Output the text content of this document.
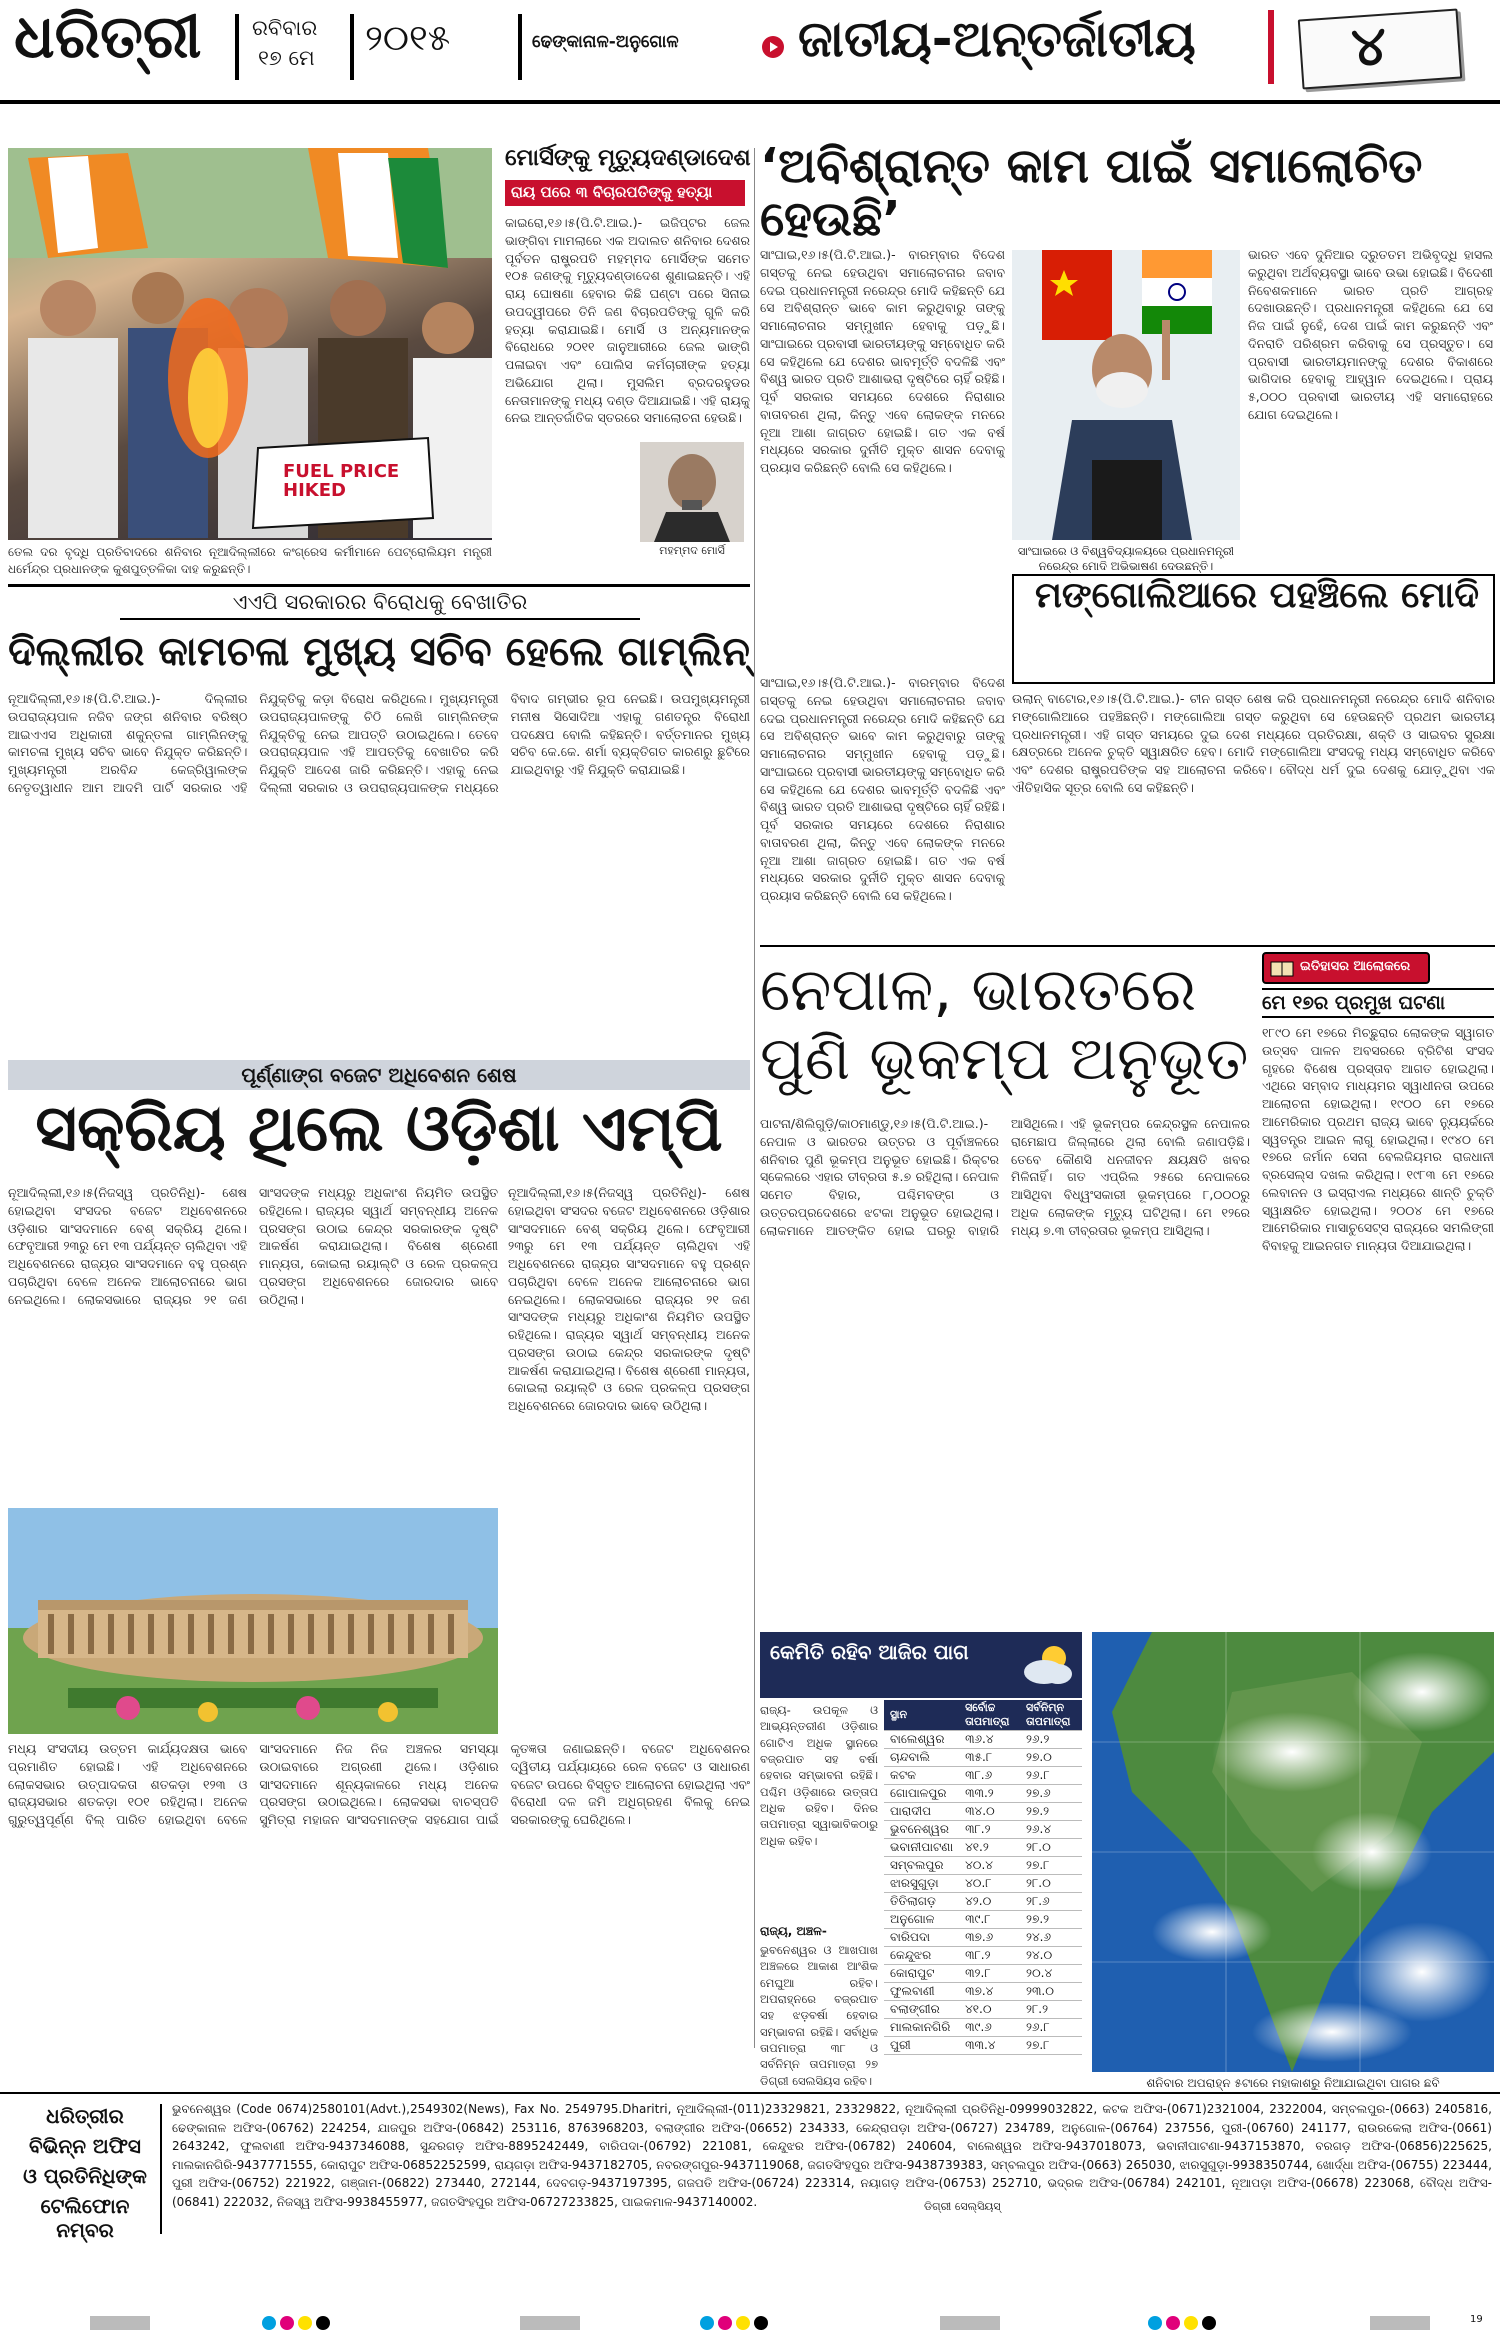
ଧରିତ୍ରୀ ରବିବାର
୧୭ ମେ ୨୦୧୫	ଢେଙ୍କାନାଳ-ଅନୁଗୋଳ ଜାତୀୟ-ଅନ୍ତର୍ଜାତୀୟ	୪
FUEL PRICE HIKED
ତେଲ ଦର ବୃଦ୍ଧି ପ୍ରତିବାଦରେ ଶନିବାର ନୂଆଦିଲ୍ଲୀରେ କଂଗ୍ରେସ କର୍ମୀମାନେ ପେଟ୍ରୋଲିୟମ ମନ୍ତ୍ରୀ ଧର୍ମେନ୍ଦ୍ର ପ୍ରଧାନଙ୍କ କୁଶପୁତ୍ତଳିକା ଦାହ କରୁଛନ୍ତି।
ମୋର୍ସିଙ୍କୁ ମୃତ୍ୟୁଦଣ୍ଡାଦେଶ
ରାୟ ପରେ ୩ ବିଚାରପତିଙ୍କୁ ହତ୍ୟା
କାଇରୋ,୧୬।୫(ପି.ଟି.ଆଇ.)- ଇଜିପ୍ଟର ଜେଲ ଭାଙ୍ଗିବା ମାମଲାରେ ଏକ ଅଦାଲତ ଶନିବାର ଦେଶର ପୂର୍ବତନ ରାଷ୍ଟ୍ରପତି ମହମ୍ମଦ ମୋର୍ସିଙ୍କ ସମେତ ୧୦୫ ଜଣଙ୍କୁ ମୃତ୍ୟୁଦଣ୍ଡାଦେଶ ଶୁଣାଇଛନ୍ତି। ଏହି ରାୟ ଘୋଷଣା ହେବାର କିଛି ଘଣ୍ଟା ପରେ ସିନାଇ ଉପଦ୍ୱୀପରେ ତିନି ଜଣ ବିଚାରପତିଙ୍କୁ ଗୁଳି କରି ହତ୍ୟା କରାଯାଇଛି। ମୋର୍ସି ଓ ଅନ୍ୟମାନଙ୍କ ବିରୋଧରେ ୨୦୧୧ ଜାନୁଆରୀରେ ଜେଲ ଭାଙ୍ଗି ପଳାଇବା ଏବଂ ପୋଲିସ କର୍ମଚାରୀଙ୍କ ହତ୍ୟା ଅଭିଯୋଗ ଥିଲା। ମୁସଲିମ ବ୍ରଦରହୁଡର ନେତାମାନଙ୍କୁ ମଧ୍ୟ ଦଣ୍ଡ ଦିଆଯାଇଛି। ଏହି ରାୟକୁ ନେଇ ଆନ୍ତର୍ଜାତିକ ସ୍ତରରେ ସମାଲୋଚନା ହେଉଛି।
ମହମ୍ମଦ ମୋର୍ସି
‘ଅବିଶ୍ରାନ୍ତ କାମ ପାଇଁ ସମାଲୋଚିତ ହେଉଛି’
ସାଂଘାଇ,୧୬।୫(ପି.ଟି.ଆଇ.)- ବାରମ୍ବାର ବିଦେଶ ଗସ୍ତକୁ ନେଇ ହେଉଥିବା ସମାଲୋଚନାର ଜବାବ ଦେଇ ପ୍ରଧାନମନ୍ତ୍ରୀ ନରେନ୍ଦ୍ର ମୋଦି କହିଛନ୍ତି ଯେ ସେ ଅବିଶ୍ରାନ୍ତ ଭାବେ କାମ କରୁଥିବାରୁ ତାଙ୍କୁ ସମାଲୋଚନାର ସମ୍ମୁଖୀନ ହେବାକୁ ପଡ଼ୁଛି। ସାଂଘାଇରେ ପ୍ରବାସୀ ଭାରତୀୟଙ୍କୁ ସମ୍ବୋଧିତ କରି ସେ କହିଥିଲେ ଯେ ଦେଶର ଭାବମୂର୍ତ୍ତି ବଦଳିଛି ଏବଂ ବିଶ୍ୱ ଭାରତ ପ୍ରତି ଆଶାଭରା ଦୃଷ୍ଟିରେ ଚାହିଁ ରହିଛି। ପୂର୍ବ ସରକାର ସମୟରେ ଦେଶରେ ନିରାଶାର ବାତାବରଣ ଥିଲା, କିନ୍ତୁ ଏବେ ଲୋକଙ୍କ ମନରେ ନୂଆ ଆଶା ଜାଗ୍ରତ ହୋଇଛି। ଗତ ଏକ ବର୍ଷ ମଧ୍ୟରେ ସରକାର ଦୁର୍ନୀତି ମୁକ୍ତ ଶାସନ ଦେବାକୁ ପ୍ରୟାସ କରିଛନ୍ତି ବୋଲି ସେ କହିଥିଲେ।
ସାଂଘାଇରେ ଓ ବିଶ୍ୱବିଦ୍ୟାଳୟରେ ପ୍ରଧାନମନ୍ତ୍ରୀ ନରେନ୍ଦ୍ର ମୋଦି ଅଭିଭାଷଣ ଦେଉଛନ୍ତି।
ଭାରତ ଏବେ ଦୁନିଆର ଦ୍ରୁତତମ ଅଭିବୃଦ୍ଧି ହାସଲ କରୁଥିବା ଅର୍ଥବ୍ୟବସ୍ଥା ଭାବେ ଉଭା ହୋଇଛି। ବିଦେଶୀ ନିବେଶକମାନେ ଭାରତ ପ୍ରତି ଆଗ୍ରହ ଦେଖାଉଛନ୍ତି। ପ୍ରଧାନମନ୍ତ୍ରୀ କହିଥିଲେ ଯେ ସେ ନିଜ ପାଇଁ ନୁହେଁ, ଦେଶ ପାଇଁ କାମ କରୁଛନ୍ତି ଏବଂ ଦିନରାତି ପରିଶ୍ରମ କରିବାକୁ ସେ ପ୍ରସ୍ତୁତ। ସେ ପ୍ରବାସୀ ଭାରତୀୟମାନଙ୍କୁ ଦେଶର ବିକାଶରେ ଭାଗିଦାର ହେବାକୁ ଆହ୍ୱାନ ଦେଇଥିଲେ। ପ୍ରାୟ ୫,୦୦୦ ପ୍ରବାସୀ ଭାରତୀୟ ଏହି ସମାରୋହରେ ଯୋଗ ଦେଇଥିଲେ।
ମଙ୍ଗୋଲିଆରେ ପହଞ୍ଚିଲେ ମୋଦି
ଉଲାନ୍ ବାଟୋର,୧୬।୫(ପି.ଟି.ଆଇ.)- ଚୀନ ଗସ୍ତ ଶେଷ କରି ପ୍ରଧାନମନ୍ତ୍ରୀ ନରେନ୍ଦ୍ର ମୋଦି ଶନିବାର ମଙ୍ଗୋଲିଆରେ ପହଞ୍ଚିଛନ୍ତି। ମଙ୍ଗୋଲିଆ ଗସ୍ତ କରୁଥିବା ସେ ହେଉଛନ୍ତି ପ୍ରଥମ ଭାରତୀୟ ପ୍ରଧାନମନ୍ତ୍ରୀ। ଏହି ଗସ୍ତ ସମୟରେ ଦୁଇ ଦେଶ ମଧ୍ୟରେ ପ୍ରତିରକ୍ଷା, ଶକ୍ତି ଓ ସାଇବର ସୁରକ୍ଷା କ୍ଷେତ୍ରରେ ଅନେକ ଚୁକ୍ତି ସ୍ୱାକ୍ଷରିତ ହେବ। ମୋଦି ମଙ୍ଗୋଲିଆ ସଂସଦକୁ ମଧ୍ୟ ସମ୍ବୋଧିତ କରିବେ ଏବଂ ଦେଶର ରାଷ୍ଟ୍ରପତିଙ୍କ ସହ ଆଲୋଚନା କରିବେ। ବୌଦ୍ଧ ଧର୍ମ ଦୁଇ ଦେଶକୁ ଯୋଡ଼ୁଥିବା ଏକ ଐତିହାସିକ ସୂତ୍ର ବୋଲି ସେ କହିଛନ୍ତି।
ଏଏପି ସରକାରର ବିରୋଧକୁ ବେଖାତିର
ଦିଲ୍ଲୀର କାମଚଳା ମୁଖ୍ୟ ସଚିବ ହେଲେ ଗାମ୍ଲିନ୍
ନୂଆଦିଲ୍ଲୀ,୧୬।୫(ପି.ଟି.ଆଇ.)- ଦିଲ୍ଲୀର ଉପରାଜ୍ୟପାଳ ନଜିବ ଜଙ୍ଗ ଶନିବାର ବରିଷ୍ଠ ଆଇଏଏସ ଅଧିକାରୀ ଶକୁନ୍ତଳା ଗାମ୍ଲିନଙ୍କୁ କାମଚଳା ମୁଖ୍ୟ ସଚିବ ଭାବେ ନିଯୁକ୍ତ କରିଛନ୍ତି। ମୁଖ୍ୟମନ୍ତ୍ରୀ ଅରବିନ୍ଦ କେଜ୍ରିୱାଲଙ୍କ ନେତୃତ୍ୱାଧୀନ ଆମ ଆଦମି ପାର୍ଟି ସରକାର ଏହି ନିଯୁକ୍ତିକୁ କଡ଼ା ବିରୋଧ କରିଥିଲେ। ମୁଖ୍ୟମନ୍ତ୍ରୀ ଉପରାଜ୍ୟପାଳଙ୍କୁ ଚିଠି ଲେଖି ଗାମ୍ଲିନଙ୍କ ନିଯୁକ୍ତିକୁ ନେଇ ଆପତ୍ତି ଉଠାଇଥିଲେ। ତେବେ ଉପରାଜ୍ୟପାଳ ଏହି ଆପତ୍ତିକୁ ବେଖାତିର କରି ନିଯୁକ୍ତି ଆଦେଶ ଜାରି କରିଛନ୍ତି। ଏହାକୁ ନେଇ ଦିଲ୍ଲୀ ସରକାର ଓ ଉପରାଜ୍ୟପାଳଙ୍କ ମଧ୍ୟରେ ବିବାଦ ଗମ୍ଭୀର ରୂପ ନେଇଛି। ଉପମୁଖ୍ୟମନ୍ତ୍ରୀ ମନୀଷ ସିସୋଦିଆ ଏହାକୁ ଗଣତନ୍ତ୍ର ବିରୋଧୀ ପଦକ୍ଷେପ ବୋଲି କହିଛନ୍ତି। ବର୍ତ୍ତମାନର ମୁଖ୍ୟ ସଚିବ କେ.କେ. ଶର୍ମା ବ୍ୟକ୍ତିଗତ କାରଣରୁ ଛୁଟିରେ ଯାଇଥିବାରୁ ଏହି ନିଯୁକ୍ତି କରାଯାଇଛି।
ପୂର୍ଣ୍ଣାଙ୍ଗ ବଜେଟ ଅଧିବେଶନ ଶେଷ
ସକ୍ରିୟ ଥିଲେ ଓଡ଼ିଶା ଏମ୍‌ପି
ନୂଆଦିଲ୍ଲୀ,୧୬।୫(ନିଜସ୍ୱ ପ୍ରତିନିଧି)- ଶେଷ ହୋଇଥିବା ସଂସଦର ବଜେଟ ଅଧିବେଶନରେ ଓଡ଼ିଶାର ସାଂସଦମାନେ ବେଶ୍ ସକ୍ରିୟ ଥିଲେ। ଫେବୃଆରୀ ୨୩ରୁ ମେ ୧୩ ପର୍ଯ୍ୟନ୍ତ ଚାଲିଥିବା ଏହି ଅଧିବେଶନରେ ରାଜ୍ୟର ସାଂସଦମାନେ ବହୁ ପ୍ରଶ୍ନ ପଚାରିଥିବା ବେଳେ ଅନେକ ଆଲୋଚନାରେ ଭାଗ ନେଇଥିଲେ। ଲୋକସଭାରେ ରାଜ୍ୟର ୨୧ ଜଣ ସାଂସଦଙ୍କ ମଧ୍ୟରୁ ଅଧିକାଂଶ ନିୟମିତ ଉପସ୍ଥିତ ରହିଥିଲେ। ରାଜ୍ୟର ସ୍ୱାର୍ଥ ସମ୍ବନ୍ଧୀୟ ଅନେକ ପ୍ରସଙ୍ଗ ଉଠାଇ କେନ୍ଦ୍ର ସରକାରଙ୍କ ଦୃଷ୍ଟି ଆକର୍ଷଣ କରାଯାଇଥିଲା। ବିଶେଷ ଶ୍ରେଣୀ ମାନ୍ୟତା, କୋଇଲା ରୟାଲ୍ଟି ଓ ରେଳ ପ୍ରକଳ୍ପ ପ୍ରସଙ୍ଗ ଅଧିବେଶନରେ ଜୋରଦାର ଭାବେ ଉଠିଥିଲା।
ମଧ୍ୟ ସଂସଦୀୟ ଉତ୍ତମ କାର୍ଯ୍ୟଦକ୍ଷତା ଭାବେ ପ୍ରମାଣିତ ହୋଇଛି। ଏହି ଅଧିବେଶନରେ ଲୋକସଭାର ଉତ୍ପାଦକତା ଶତକଡ଼ା ୧୨୩ ଓ ରାଜ୍ୟସଭାର ଶତକଡ଼ା ୧୦୧ ରହିଥିଲା। ଅନେକ ଗୁରୁତ୍ୱପୂର୍ଣ୍ଣ ବିଲ୍ ପାରିତ ହୋଇଥିବା ବେଳେ ସାଂସଦମାନେ ନିଜ ନିଜ ଅଞ୍ଚଳର ସମସ୍ୟା ଉଠାଇବାରେ ଅଗ୍ରଣୀ ଥିଲେ। ଓଡ଼ିଶାର ସାଂସଦମାନେ ଶୂନ୍ୟକାଳରେ ମଧ୍ୟ ଅନେକ ପ୍ରସଙ୍ଗ ଉଠାଇଥିଲେ। ଲୋକସଭା ବାଚସ୍ପତି ସୁମିତ୍ରା ମହାଜନ ସାଂସଦମାନଙ୍କ ସହଯୋଗ ପାଇଁ କୃତଜ୍ଞତା ଜଣାଇଛନ୍ତି। ବଜେଟ ଅଧିବେଶନର ଦ୍ୱିତୀୟ ପର୍ଯ୍ୟାୟରେ ରେଳ ବଜେଟ ଓ ସାଧାରଣ ବଜେଟ ଉପରେ ବିସ୍ତୃତ ଆଲୋଚନା ହୋଇଥିଲା ଏବଂ ବିରୋଧୀ ଦଳ ଜମି ଅଧିଗ୍ରହଣ ବିଲକୁ ନେଇ ସରକାରଙ୍କୁ ଘେରିଥିଲେ।
ନୂଆଦିଲ୍ଲୀ,୧୬।୫(ନିଜସ୍ୱ ପ୍ରତିନିଧି)- ଶେଷ ହୋଇଥିବା ସଂସଦର ବଜେଟ ଅଧିବେଶନରେ ଓଡ଼ିଶାର ସାଂସଦମାନେ ବେଶ୍ ସକ୍ରିୟ ଥିଲେ। ଫେବୃଆରୀ ୨୩ରୁ ମେ ୧୩ ପର୍ଯ୍ୟନ୍ତ ଚାଲିଥିବା ଏହି ଅଧିବେଶନରେ ରାଜ୍ୟର ସାଂସଦମାନେ ବହୁ ପ୍ରଶ୍ନ ପଚାରିଥିବା ବେଳେ ଅନେକ ଆଲୋଚନାରେ ଭାଗ ନେଇଥିଲେ। ଲୋକସଭାରେ ରାଜ୍ୟର ୨୧ ଜଣ ସାଂସଦଙ୍କ ମଧ୍ୟରୁ ଅଧିକାଂଶ ନିୟମିତ ଉପସ୍ଥିତ ରହିଥିଲେ। ରାଜ୍ୟର ସ୍ୱାର୍ଥ ସମ୍ବନ୍ଧୀୟ ଅନେକ ପ୍ରସଙ୍ଗ ଉଠାଇ କେନ୍ଦ୍ର ସରକାରଙ୍କ ଦୃଷ୍ଟି ଆକର୍ଷଣ କରାଯାଇଥିଲା। ବିଶେଷ ଶ୍ରେଣୀ ମାନ୍ୟତା, କୋଇଲା ରୟାଲ୍ଟି ଓ ରେଳ ପ୍ରକଳ୍ପ ପ୍ରସଙ୍ଗ ଅଧିବେଶନରେ ଜୋରଦାର ଭାବେ ଉଠିଥିଲା।
ସାଂଘାଇ,୧୬।୫(ପି.ଟି.ଆଇ.)- ବାରମ୍ବାର ବିଦେଶ ଗସ୍ତକୁ ନେଇ ହେଉଥିବା ସମାଲୋଚନାର ଜବାବ ଦେଇ ପ୍ରଧାନମନ୍ତ୍ରୀ ନରେନ୍ଦ୍ର ମୋଦି କହିଛନ୍ତି ଯେ ସେ ଅବିଶ୍ରାନ୍ତ ଭାବେ କାମ କରୁଥିବାରୁ ତାଙ୍କୁ ସମାଲୋଚନାର ସମ୍ମୁଖୀନ ହେବାକୁ ପଡ଼ୁଛି। ସାଂଘାଇରେ ପ୍ରବାସୀ ଭାରତୀୟଙ୍କୁ ସମ୍ବୋଧିତ କରି ସେ କହିଥିଲେ ଯେ ଦେଶର ଭାବମୂର୍ତ୍ତି ବଦଳିଛି ଏବଂ ବିଶ୍ୱ ଭାରତ ପ୍ରତି ଆଶାଭରା ଦୃଷ୍ଟିରେ ଚାହିଁ ରହିଛି। ପୂର୍ବ ସରକାର ସମୟରେ ଦେଶରେ ନିରାଶାର ବାତାବରଣ ଥିଲା, କିନ୍ତୁ ଏବେ ଲୋକଙ୍କ ମନରେ ନୂଆ ଆଶା ଜାଗ୍ରତ ହୋଇଛି। ଗତ ଏକ ବର୍ଷ ମଧ୍ୟରେ ସରକାର ଦୁର୍ନୀତି ମୁକ୍ତ ଶାସନ ଦେବାକୁ ପ୍ରୟାସ କରିଛନ୍ତି ବୋଲି ସେ କହିଥିଲେ।
ନେପାଳ, ଭାରତରେ ପୁଣି ଭୂକମ୍ପ ଅନୁଭୂତ
ପାଟନା/ଶିଲିଗୁଡ଼ି/କାଠମାଣ୍ଡୁ,୧୬।୫(ପି.ଟି.ଆଇ.)- ନେପାଳ ଓ ଭାରତର ଉତ୍ତର ଓ ପୂର୍ବାଞ୍ଚଳରେ ଶନିବାର ପୁଣି ଭୂକମ୍ପ ଅନୁଭୂତ ହୋଇଛି। ରିକ୍ଟର ସ୍କେଲରେ ଏହାର ତୀବ୍ରତା ୫.୭ ରହିଥିଲା। ନେପାଳ ସମେତ ବିହାର, ପଶ୍ଚିମବଙ୍ଗ ଓ ଉତ୍ତରପ୍ରଦେଶରେ ଝଟକା ଅନୁଭୂତ ହୋଇଥିଲା। ଲୋକମାନେ ଆତଙ୍କିତ ହୋଇ ଘରରୁ ବାହାରି ଆସିଥିଲେ। ଏହି ଭୂକମ୍ପର କେନ୍ଦ୍ରସ୍ଥଳ ନେପାଳର ରାମେଛାପ ଜିଲ୍ଲାରେ ଥିଲା ବୋଲି ଜଣାପଡ଼ିଛି। ତେବେ କୌଣସି ଧନଜୀବନ କ୍ଷୟକ୍ଷତି ଖବର ମିଳିନାହିଁ। ଗତ ଏପ୍ରିଲ ୨୫ରେ ନେପାଳରେ ଆସିଥିବା ବିଧ୍ୱଂସକାରୀ ଭୂକମ୍ପରେ ୮,୦୦୦ରୁ ଅଧିକ ଲୋକଙ୍କ ମୃତ୍ୟୁ ଘଟିଥିଲା। ମେ ୧୨ରେ ମଧ୍ୟ ୭.୩ ତୀବ୍ରତାର ଭୂକମ୍ପ ଆସିଥିଲା।
ଇତିହାସର ଆଲୋକରେ
ମେ ୧୭ର ପ୍ରମୁଖ ଘଟଣା
୧୮୯୦ ମେ ୧୭ରେ ମିଚ୍ଛୁରାର ଲୋକଙ୍କ ସ୍ୱାଗତ ଉତ୍ସବ ପାଳନ ଅବସରରେ ବ୍ରିଟିଶ ସଂସଦ ଗୃହରେ ବିଶେଷ ପ୍ରସ୍ତାବ ଆଗତ ହୋଇଥିଲା। ଏଥିରେ ସମ୍ବାଦ ମାଧ୍ୟମର ସ୍ୱାଧୀନତା ଉପରେ ଆଲୋଚନା ହୋଇଥିଲା। ୧୯୦୦ ମେ ୧୭ରେ ଆମେରିକାର ପ୍ରଥମ ରାଜ୍ୟ ଭାବେ ନ୍ୟୁୟର୍କରେ ସ୍ୱତନ୍ତ୍ର ଆଇନ ଲାଗୁ ହୋଇଥିଲା। ୧୯୪୦ ମେ ୧୭ରେ ଜର୍ମାନ ସେନା ବେଲଜିୟମର ରାଜଧାନୀ ବ୍ରସେଲ୍ସ ଦଖଲ କରିଥିଲା। ୧୯୮୩ ମେ ୧୭ରେ ଲେବାନନ ଓ ଇସ୍ରାଏଲ ମଧ୍ୟରେ ଶାନ୍ତି ଚୁକ୍ତି ସ୍ୱାକ୍ଷରିତ ହୋଇଥିଲା। ୨୦୦୪ ମେ ୧୭ରେ ଆମେରିକାର ମାସାଚୁସେଟ୍ସ ରାଜ୍ୟରେ ସମଲିଙ୍ଗୀ ବିବାହକୁ ଆଇନଗତ ମାନ୍ୟତା ଦିଆଯାଇଥିଲା।
କେମିତି ରହିବ ଆଜିର ପାଗ
ରାଜ୍ୟ- ଉପକୂଳ ଓ ଆଭ୍ୟନ୍ତରୀଣ ଓଡ଼ିଶାର ଗୋଟିଏ ଅଧିକ ସ୍ଥାନରେ ବଜ୍ରପାତ ସହ ବର୍ଷା ହେବାର ସମ୍ଭାବନା ରହିଛି। ପଶ୍ଚିମ ଓଡ଼ିଶାରେ ଉତ୍ତାପ ଅଧିକ ରହିବ। ଦିନର ତାପମାତ୍ରା ସ୍ୱାଭାବିକଠାରୁ ଅଧିକ ରହିବ।
ରାଜ୍ୟ, ଅଞ୍ଚଳ-
ଭୁବନେଶ୍ୱର ଓ ଆଖପାଖ ଅଞ୍ଚଳରେ ଆକାଶ ଆଂଶିକ ମେଘୁଆ ରହିବ। ଅପରାହ୍ନରେ ବଜ୍ରପାତ ସହ ଝଡ଼ବର୍ଷା ହେବାର ସମ୍ଭାବନା ରହିଛି। ସର୍ବାଧିକ ତାପମାତ୍ରା ୩୮ ଓ ସର୍ବନିମ୍ନ ତାପମାତ୍ରା ୨୭ ଡିଗ୍ରୀ ସେଲସିୟସ ରହିବ।
ସ୍ଥାନ	ସର୍ବୋଚ୍ଚ ତାପମାତ୍ରା	ସର୍ବନିମ୍ନ ତାପମାତ୍ରା
ବାଲେଶ୍ୱର	୩୬.୪	୨୬.୨
ଚାନ୍ଦବାଲି	୩୫.୮	୨୭.୦
କଟକ	୩୮.୬	୨୬.୮
ଗୋପାଳପୁର	୩୩.୨	୨୭.୬
ପାରାଦୀପ	୩୪.୦	୨୭.୨
ଭୁବନେଶ୍ୱର	୩୮.୨	୨୬.୪
ଭବାନୀପାଟଣା	୪୧.୨	୨୮.୦
ସମ୍ବଲପୁର	୪୦.୪	୨୭.୮
ଝାରସୁଗୁଡ଼ା	୪୦.୮	୨୮.୦
ତିତିଲାଗଡ଼	୪୨.୦	୨୮.୬
ଅନୁଗୋଳ	୩୯.୮	୨୭.୨
ବାରିପଦା	୩୭.୬	୨୪.୬
କେନ୍ଦୁଝର	୩୮.୨	୨୪.୦
କୋରାପୁଟ	୩୨.୮	୨୦.୪
ଫୁଲବାଣୀ	୩୭.୪	୨୩.୦
ବଲାଙ୍ଗୀର	୪୧.୦	୨୮.୨
ମାଲକାନଗିରି	୩୯.୬	୨୬.୮
ପୁରୀ	୩୩.୪	୨୭.୮
ଡିଗ୍ରୀ ସେଲ୍‌ସିୟସ୍
ଶନିବାର ଅପରାହ୍ନ ୫ଟାରେ ମହାକାଶରୁ ନିଆଯାଇଥିବା ପାଗର ଛବି
ଧରିତ୍ରୀର
ବିଭିନ୍ନ ଅଫିସ
ଓ ପ୍ରତିନିଧିଙ୍କ
ଟେଲିଫୋନ ନମ୍ବର
ଭୁବନେଶ୍ୱର (Code 0674)2580101(Advt.),2549302(News), Fax No. 2549795.Dharitri, ନୂଆଦିଲ୍ଲୀ-(011)23329821, 23329822, ନୂଆଦିଲ୍ଲୀ ପ୍ରତିନିଧି-09999032822, କଟକ ଅଫିସ-(0671)2321004, 2322004, ସମ୍ବଲପୁର-(0663) 2405816, ଢେଙ୍କାନାଳ ଅଫିସ-(06762) 224254, ଯାଜପୁର ଅଫିସ-(06842) 253116, 8763968203, ବଲାଙ୍ଗୀର ଅଫିସ-(06652) 234333, କେନ୍ଦ୍ରାପଡ଼ା ଅଫିସ-(06727) 234789, ଅନୁଗୋଳ-(06764) 237556, ପୁରୀ-(06760) 241177, ରାଉରକେଲା ଅଫିସ-(0661) 2643242, ଫୁଲବାଣୀ ଅଫିସ-9437346088, ସୁନ୍ଦରଗଡ଼ ଅଫିସ-8895242449, ବାରିପଦା-(06792) 221081, କେନ୍ଦୁଝର ଅଫିସ-(06782) 240604, ବାଲେଶ୍ୱର ଅଫିସ-9437018073, ଭବାନୀପାଟଣା-9437153870, ବରଗଡ଼ ଅଫିସ-(06856)225625, ମାଲକାନଗିରି-9437771555, କୋରାପୁଟ ଅଫିସ-06852252599, ରାୟଗଡ଼ା ଅଫିସ-9437182705, ନବରଙ୍ଗପୁର-9437119068, ଜଗତସିଂହପୁର ଅଫିସ-9438739383, ସମ୍ବଲପୁର ଅଫିସ-(0663) 265030, ଝାରସୁଗୁଡ଼ା-9938350744, ଖୋର୍ଦ୍ଧା ଅଫିସ-(06755) 223444, ପୁରୀ ଅଫିସ-(06752) 221922, ଗଞ୍ଜାମ-(06822) 273440, 272144, ଦେବଗଡ଼-9437197395, ଗଜପତି ଅଫିସ-(06724) 223314, ନୟାଗଡ଼ ଅଫିସ-(06753) 252710, ଭଦ୍ରକ ଅଫିସ-(06784) 242101, ନୂଆପଡ଼ା ଅଫିସ-(06678) 223068, ବୌଦ୍ଧ ଅଫିସ-(06841) 222032, ନିଜସ୍ୱ ଅଫିସ-9938455977, ଜଗତସିଂହପୁର ଅଫିସ-06727233825, ପାଇକମାଳ-9437140002.
19
